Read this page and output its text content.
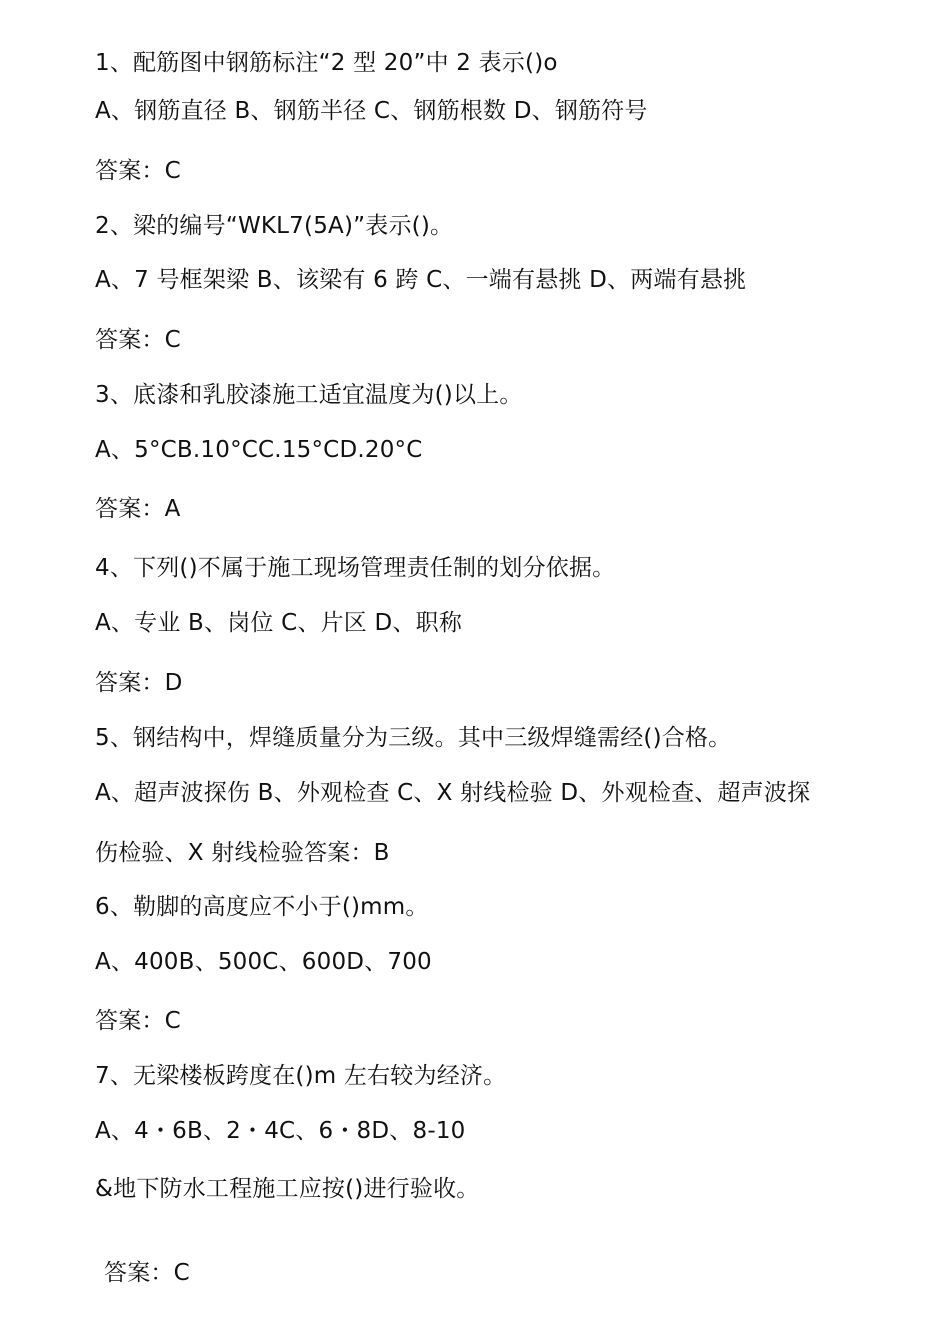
1、配筋图中钢筋标注“2 型 20”中 2 表示()o
A、钢筋直径 B、钢筋半径 C、钢筋根数 D、钢筋符号
答案：C
2、梁的编号“WKL7(5A)”表示()。
A、7 号框架梁 B、该梁有 6 跨 C、一端有悬挑 D、两端有悬挑
答案：C
3、底漆和乳胶漆施工适宜温度为()以上。
A、5°CB.10°CC.15°CD.20°C
答案：A
4、下列()不属于施工现场管理责任制的划分依据。
A、专业 B、岗位 C、片区 D、职称
答案：D
5、钢结构中，焊缝质量分为三级。其中三级焊缝需经()合格。
A、超声波探伤 B、外观检查 C、X 射线检验 D、外观检查、超声波探
伤检验、X 射线检验答案：B
6、勒脚的高度应不小于()mm。
A、400B、500C、600D、700
答案：C
7、无梁楼板跨度在()m 左右较为经济。
A、4・6B、2・4C、6・8D、8-10
&地下防水工程施工应按()进行验收。
答案：C
